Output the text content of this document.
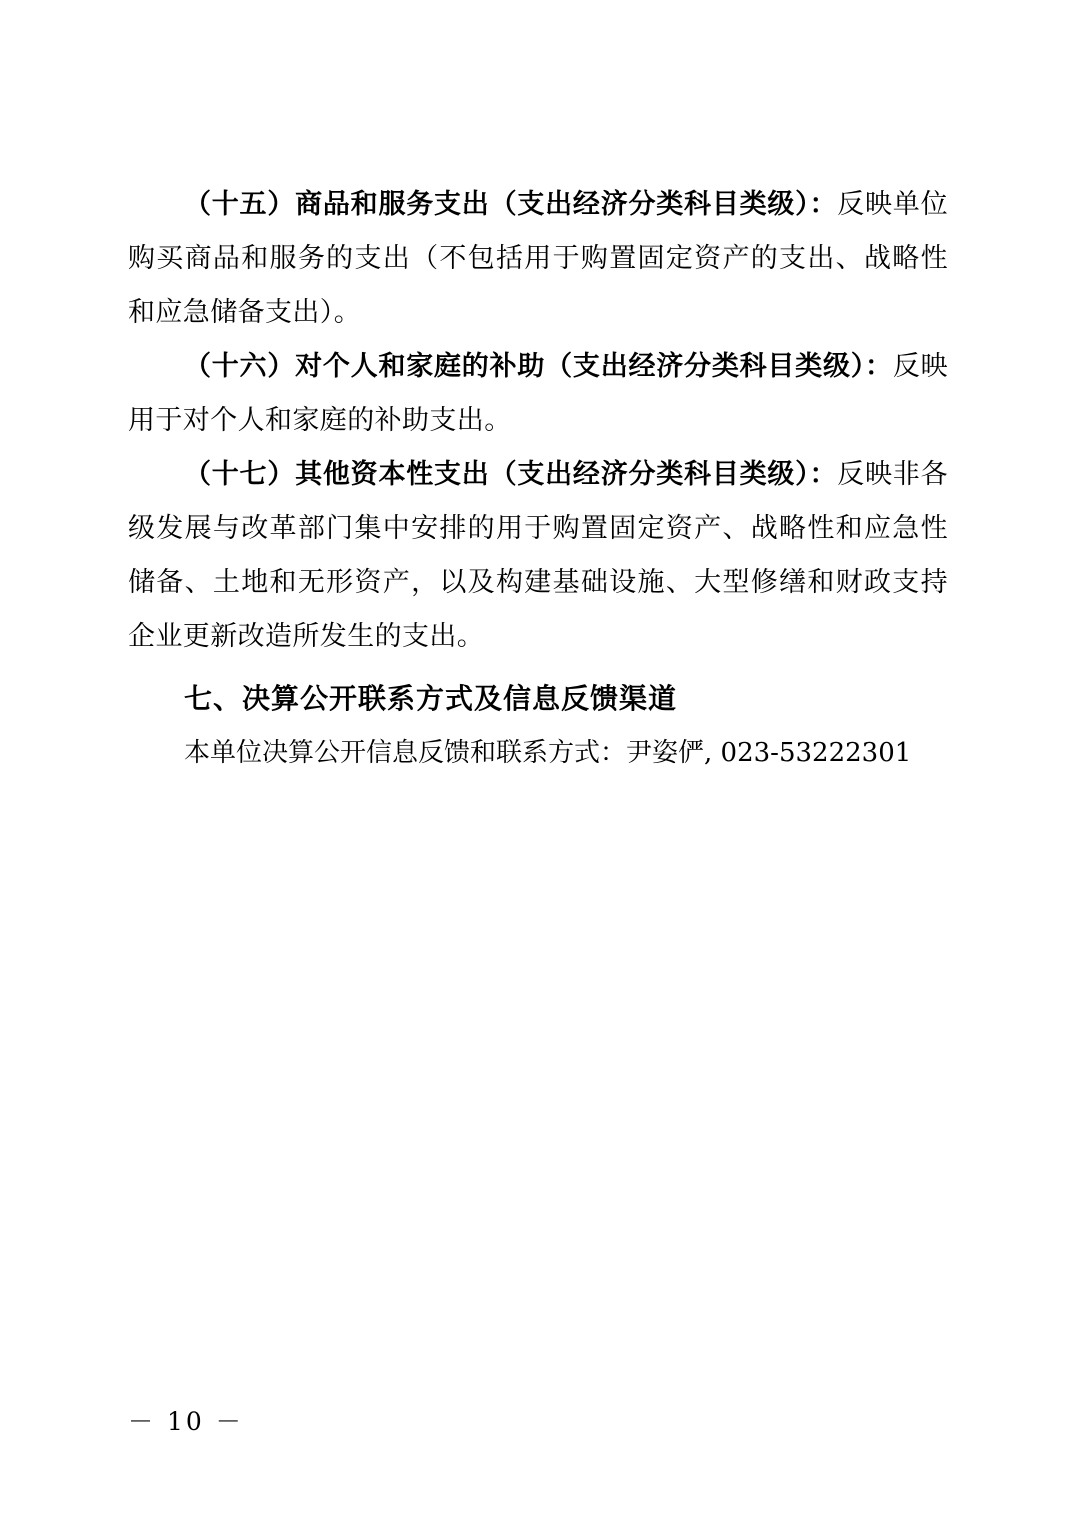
（十五）商品和服务支出（支出经济分类科目类级）：反映单位购买商品和服务的支出（不包括用于购置固定资产的支出、战略性和应急储备支出）。

（十六）对个人和家庭的补助（支出经济分类科目类级）：反映用于对个人和家庭的补助支出。

（十七）其他资本性支出（支出经济分类科目类级）：反映非各级发展与改革部门集中安排的用于购置固定资产、战略性和应急性储备、土地和无形资产，以及构建基础设施、大型修缮和财政支持企业更新改造所发生的支出。

七、决算公开联系方式及信息反馈渠道

本单位决算公开信息反馈和联系方式：尹姿俨, 023-53222301

－ 10 －
